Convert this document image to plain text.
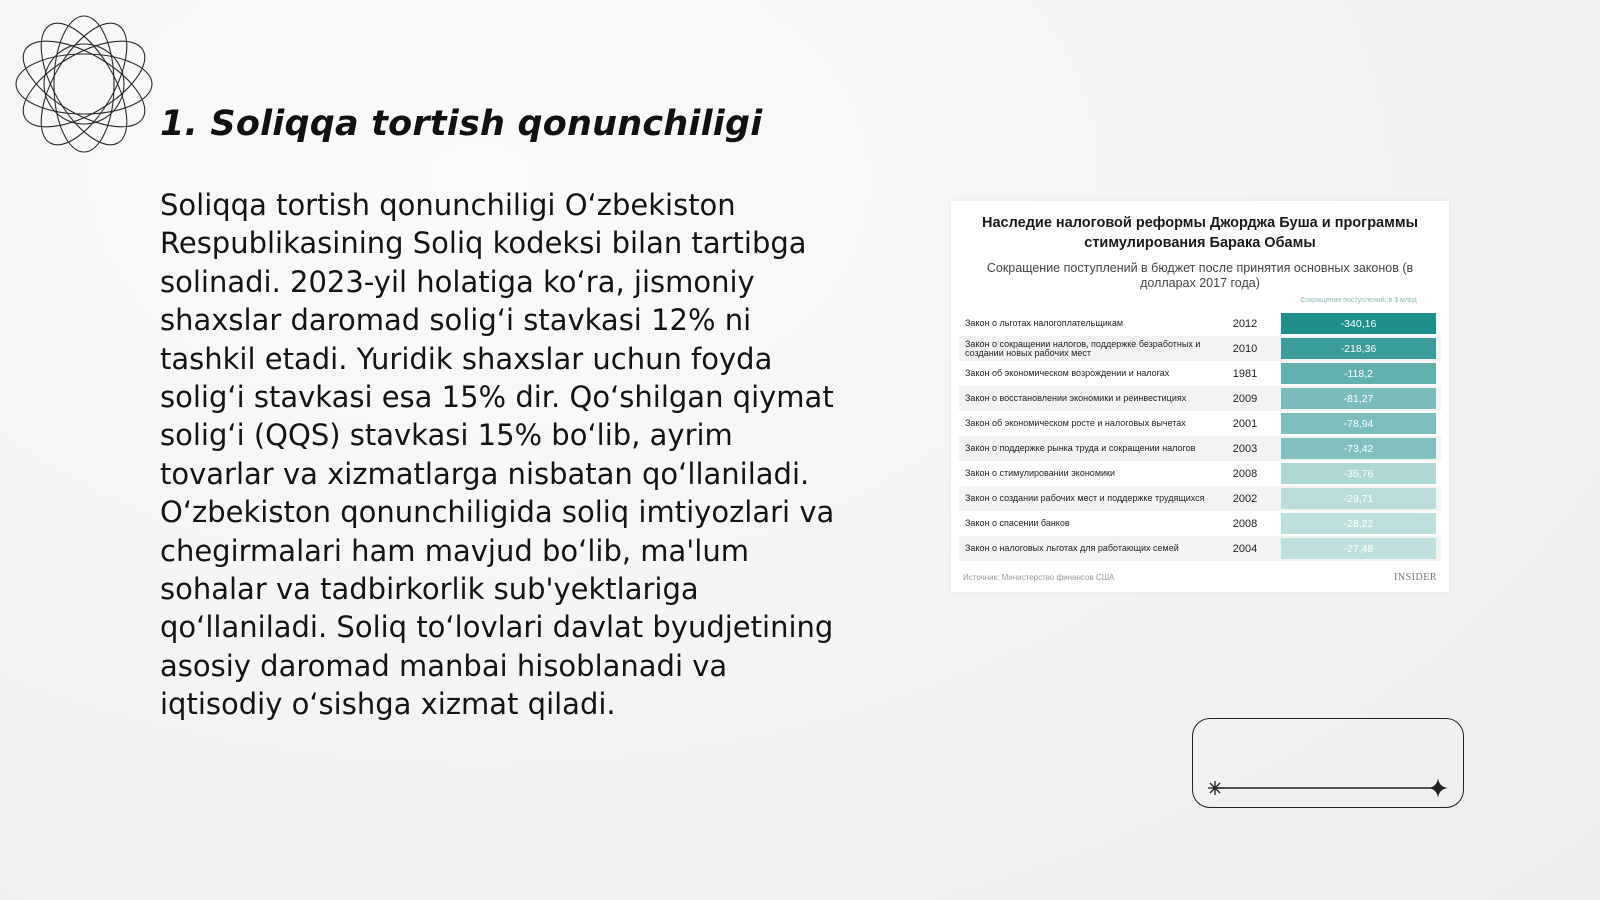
1. Soliqqa tortish qonunchiligi

Soliqqa tortish qonunchiligi O‘zbekiston Respublikasining Soliq kodeksi bilan tartibga solinadi. 2023-yil holatiga ko‘ra, jismoniy shaxslar daromad solig‘i stavkasi 12% ni tashkil etadi. Yuridik shaxslar uchun foyda solig‘i stavkasi esa 15% dir. Qo‘shilgan qiymat solig‘i (QQS) stavkasi 15% bo‘lib, ayrim tovarlar va xizmatlarga nisbatan qo‘llaniladi. O‘zbekiston qonunchiligida soliq imtiyozlari va chegirmalari ham mavjud bo‘lib, ma'lum sohalar va tadbirkorlik sub'yektlariga qo‘llaniladi. Soliq to‘lovlari davlat byudjetining asosiy daromad manbai hisoblanadi va iqtisodiy o‘sishga xizmat qiladi.

Наследие налоговой реформы Джорджа Буша и программы стимулирования Барака Обамы
Сокращение поступлений в бюджет после принятия основных законов (в долларах 2017 года)
Сокращение поступлений, в $ млрд
Закон о льготах налогоплательщикам	2012	-340,16
Закон о сокращении налогов, поддержке безработных и создании новых рабочих мест	2010	-218,36
Закон об экономическом возрождении и налогах	1981	-118,2
Закон о восстановлении экономики и реинвестициях	2009	-81,27
Закон об экономическом росте и налоговых вычетах	2001	-78,94
Закон о поддержке рынка труда и сокращении налогов	2003	-73,42
Закон о стимулировании экономики	2008	-35,76
Закон о создании рабочих мест и поддержке трудящихся	2002	-29,71
Закон о спасении банков	2008	-28,22
Закон о налоговых льготах для работающих семей	2004	-27,48
Источник: Министерство финансов США	INSIDER
